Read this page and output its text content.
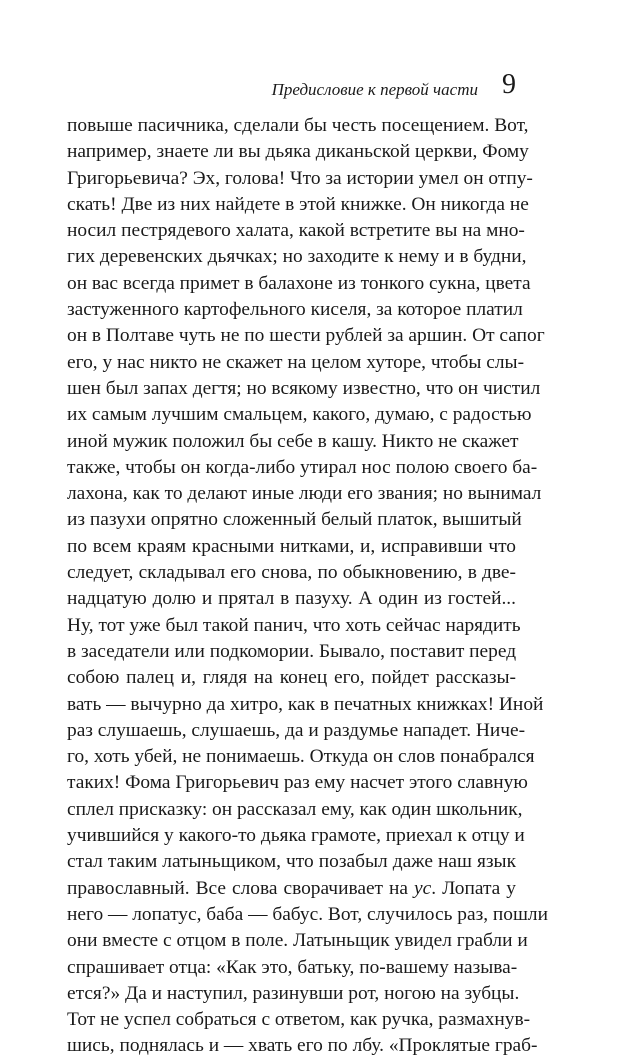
Предисловие к первой части 9
повыше пасичника, сделали бы честь посещением. Вот,
например, знаете ли вы дьяка диканьской церкви, Фому
Григорьевича? Эх, голова! Что за истории умел он отпу-
скать! Две из них найдете в этой книжке. Он никогда не
носил пестрядевого халата, какой встретите вы на мно-
гих деревенских дьячках; но заходите к нему и в будни,
он вас всегда примет в балахоне из тонкого сукна, цвета
застуженного картофельного киселя, за которое платил
он в Полтаве чуть не по шести рублей за аршин. От сапог
его, у нас никто не скажет на целом хуторе, чтобы слы-
шен был запах дегтя; но всякому известно, что он чистил
их самым лучшим смальцем, какого, думаю, с радостью
иной мужик положил бы себе в кашу. Никто не скажет
также, чтобы он когда-либо утирал нос полою своего ба-
лахона, как то делают иные люди его звания; но вынимал
из пазухи опрятно сложенный белый платок, вышитый
по всем краям красными нитками, и, исправивши что
следует, складывал его снова, по обыкновению, в две-
надцатую долю и прятал в пазуху. А один из гостей...
Ну, тот уже был такой панич, что хоть сейчас нарядить
в заседатели или подкомории. Бывало, поставит перед
собою палец и, глядя на конец его, пойдет рассказы-
вать — вычурно да хитро, как в печатных книжках! Иной
раз слушаешь, слушаешь, да и раздумье нападет. Ниче-
го, хоть убей, не понимаешь. Откуда он слов понабрался
таких! Фома Григорьевич раз ему насчет этого славную
сплел присказку: он рассказал ему, как один школьник,
учившийся у какого-то дьяка грамоте, приехал к отцу и
стал таким латыньщиком, что позабыл даже наш язык
православный. Все слова сворачивает на ус. Лопата у
него — лопатус, баба — бабус. Вот, случилось раз, пошли
они вместе с отцом в поле. Латыньщик увидел грабли и
спрашивает отца: «Как это, батьку, по-вашему называ-
ется?» Да и наступил, разинувши рот, ногою на зубцы.
Тот не успел собраться с ответом, как ручка, размахнув-
шись, поднялась и — хвать его по лбу. «Проклятые граб-
